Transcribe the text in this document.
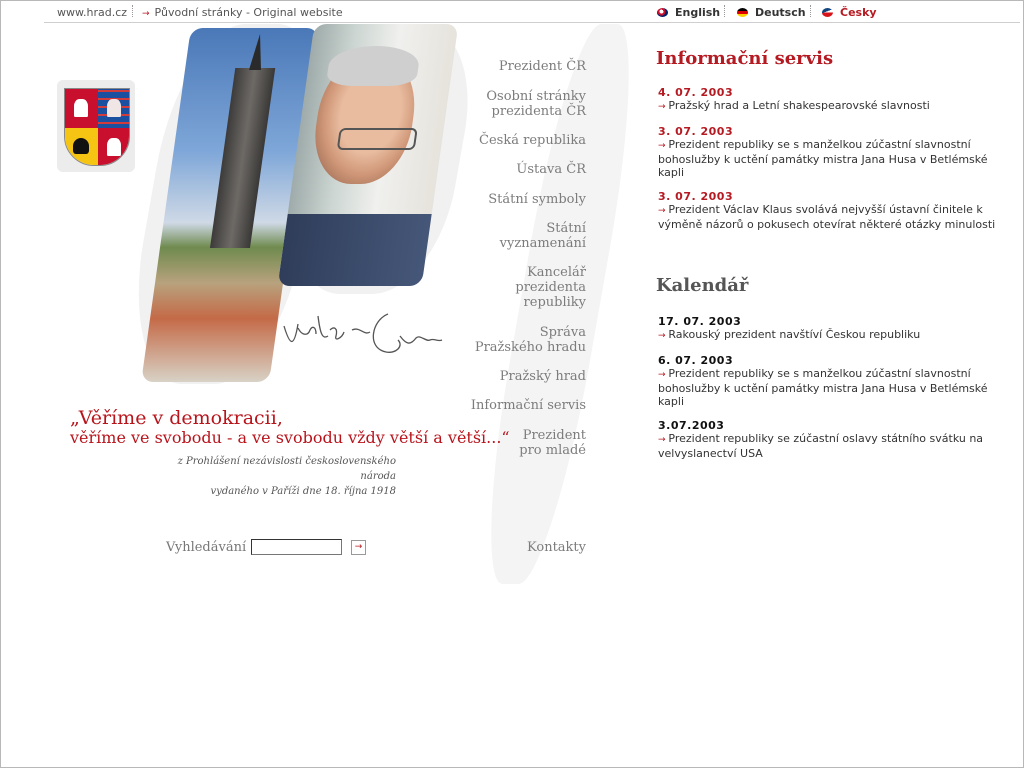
www.hrad.cz → Původní stránky - Original website	English	Deutsch	Česky
„Věříme v demokracii,
věříme ve svobodu - a ve svobodu vždy větší a větší...“
z Prohlášení nezávislosti československého národa
vydaného v Paříži dne 18. října 1918
Vyhledávání	→
Prezident ČR
Osobní stránky
prezidenta ČR
Česká republika
Ústava ČR
Státní symboly
Státní
vyznamenání
Kancelář
prezidenta
republiky
Správa
Pražského hradu
Pražský hrad
Informační servis
Prezident
pro mladé
Kontakty
Informační servis
4. 07. 2003
→ Pražský hrad a Letní shakespearovské slavnosti
3. 07. 2003
→ Prezident republiky se s manželkou zúčastní slavnostní bohoslužby k uctění památky mistra Jana Husa v Betlémské kapli
3. 07. 2003
→ Prezident Václav Klaus svolává nejvyšší ústavní činitele k výměně názorů o pokusech otevírat některé otázky minulosti
Kalendář
17. 07. 2003
→ Rakouský prezident navštíví Českou republiku
6. 07. 2003
→ Prezident republiky se s manželkou zúčastní slavnostní bohoslužby k uctění památky mistra Jana Husa v Betlémské kapli
3.07.2003
→ Prezident republiky se zúčastní oslavy státního svátku na velvyslanectví USA
